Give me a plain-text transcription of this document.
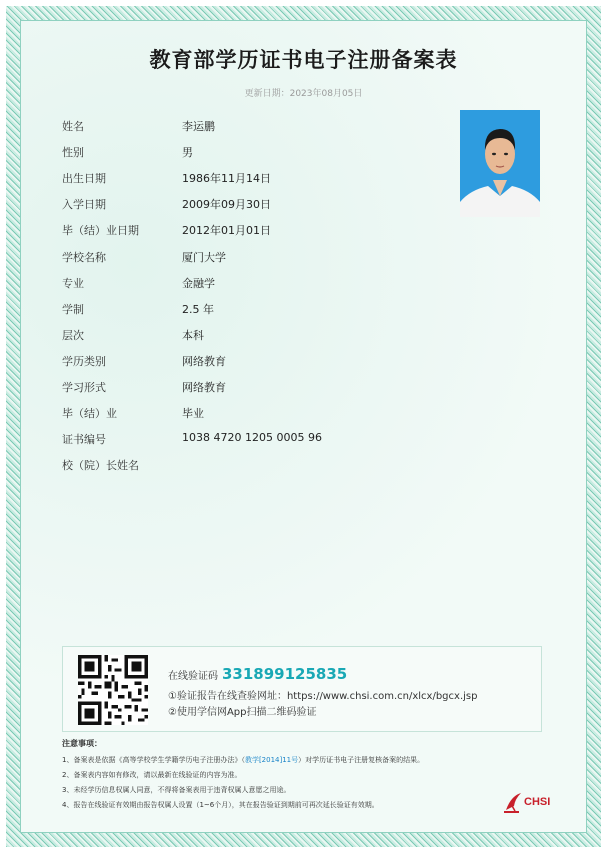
教育部学历证书电子注册备案表
更新日期：2023年08月05日
姓名	李运鹏
性别	男
出生日期	1986年11月14日
入学日期	2009年09月30日
毕（结）业日期	2012年01月01日
学校名称	厦门大学
专业	金融学
学制	2.5 年
层次	本科
学历类别	网络教育
学习形式	网络教育
毕（结）业	毕业
证书编号	1038 4720 1205 0005 96
校（院）长姓名
在线验证码 331899125835
①验证报告在线查验网址：https://www.chsi.com.cn/xlcx/bgcx.jsp
②使用学信网App扫描二维码验证
注意事项：
1、备案表是依据《高等学校学生学籍学历电子注册办法》（教学[2014]11号）对学历证书电子注册复核备案的结果。
2、备案表内容如有修改，请以最新在线验证的内容为准。
3、未经学历信息权属人同意，不得将备案表用于违背权属人意愿之用途。
4、报告在线验证有效期由报告权属人设置（1~6个月），其在报告验证到期前可再次延长验证有效期。	CHSI
